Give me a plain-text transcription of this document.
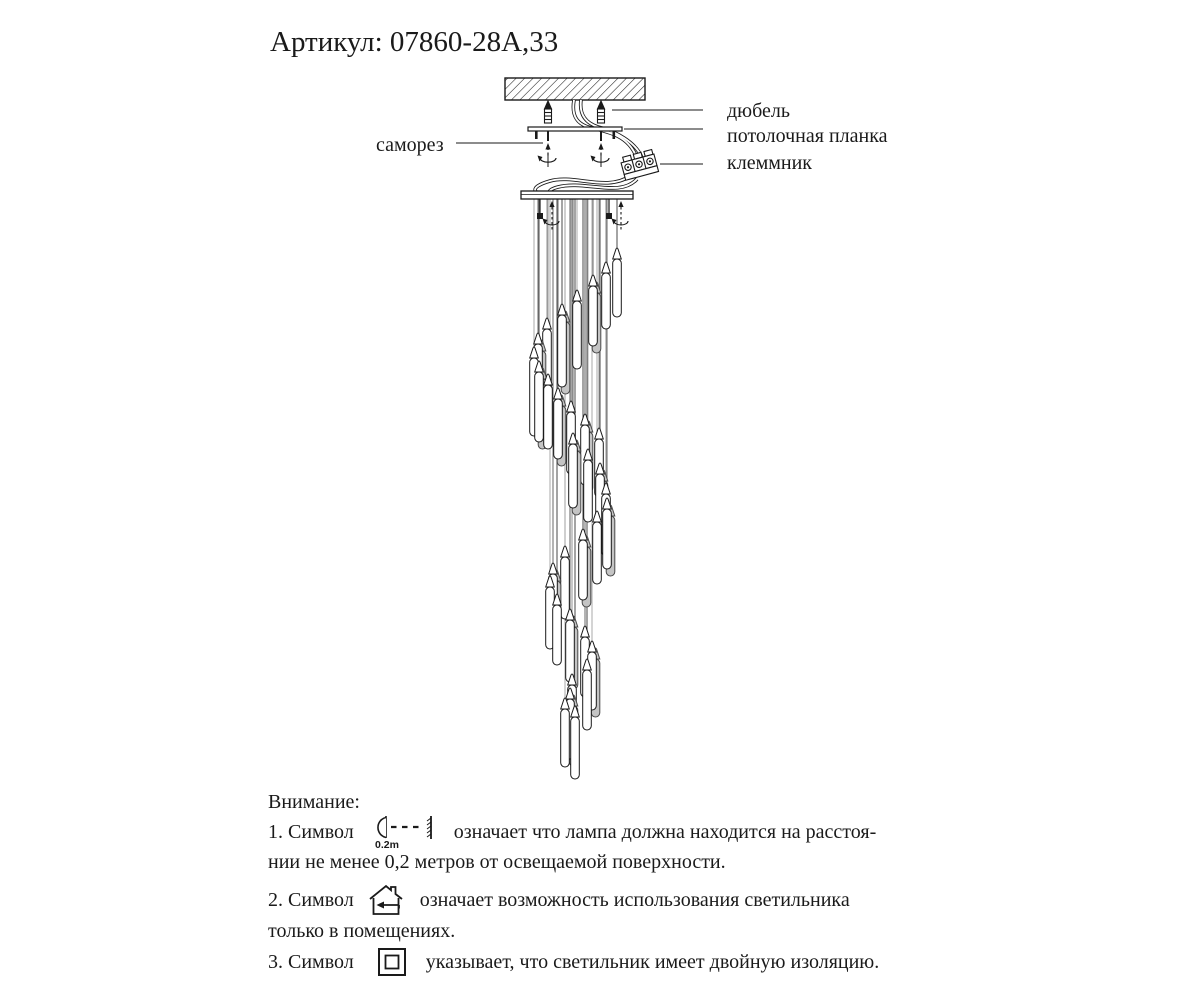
Артикул: 07860-28А,33
саморез
дюбель
потолочная планка
клеммник
Внимание:
1. Символ
0.2m
означает что лампа должна находится на расстоя-
нии не менее 0,2 метров от освещаемой поверхности.
2. Символ	означает возможность использования светильника
только в помещениях.
3. Символ	указывает, что светильник имеет двойную изоляцию.
